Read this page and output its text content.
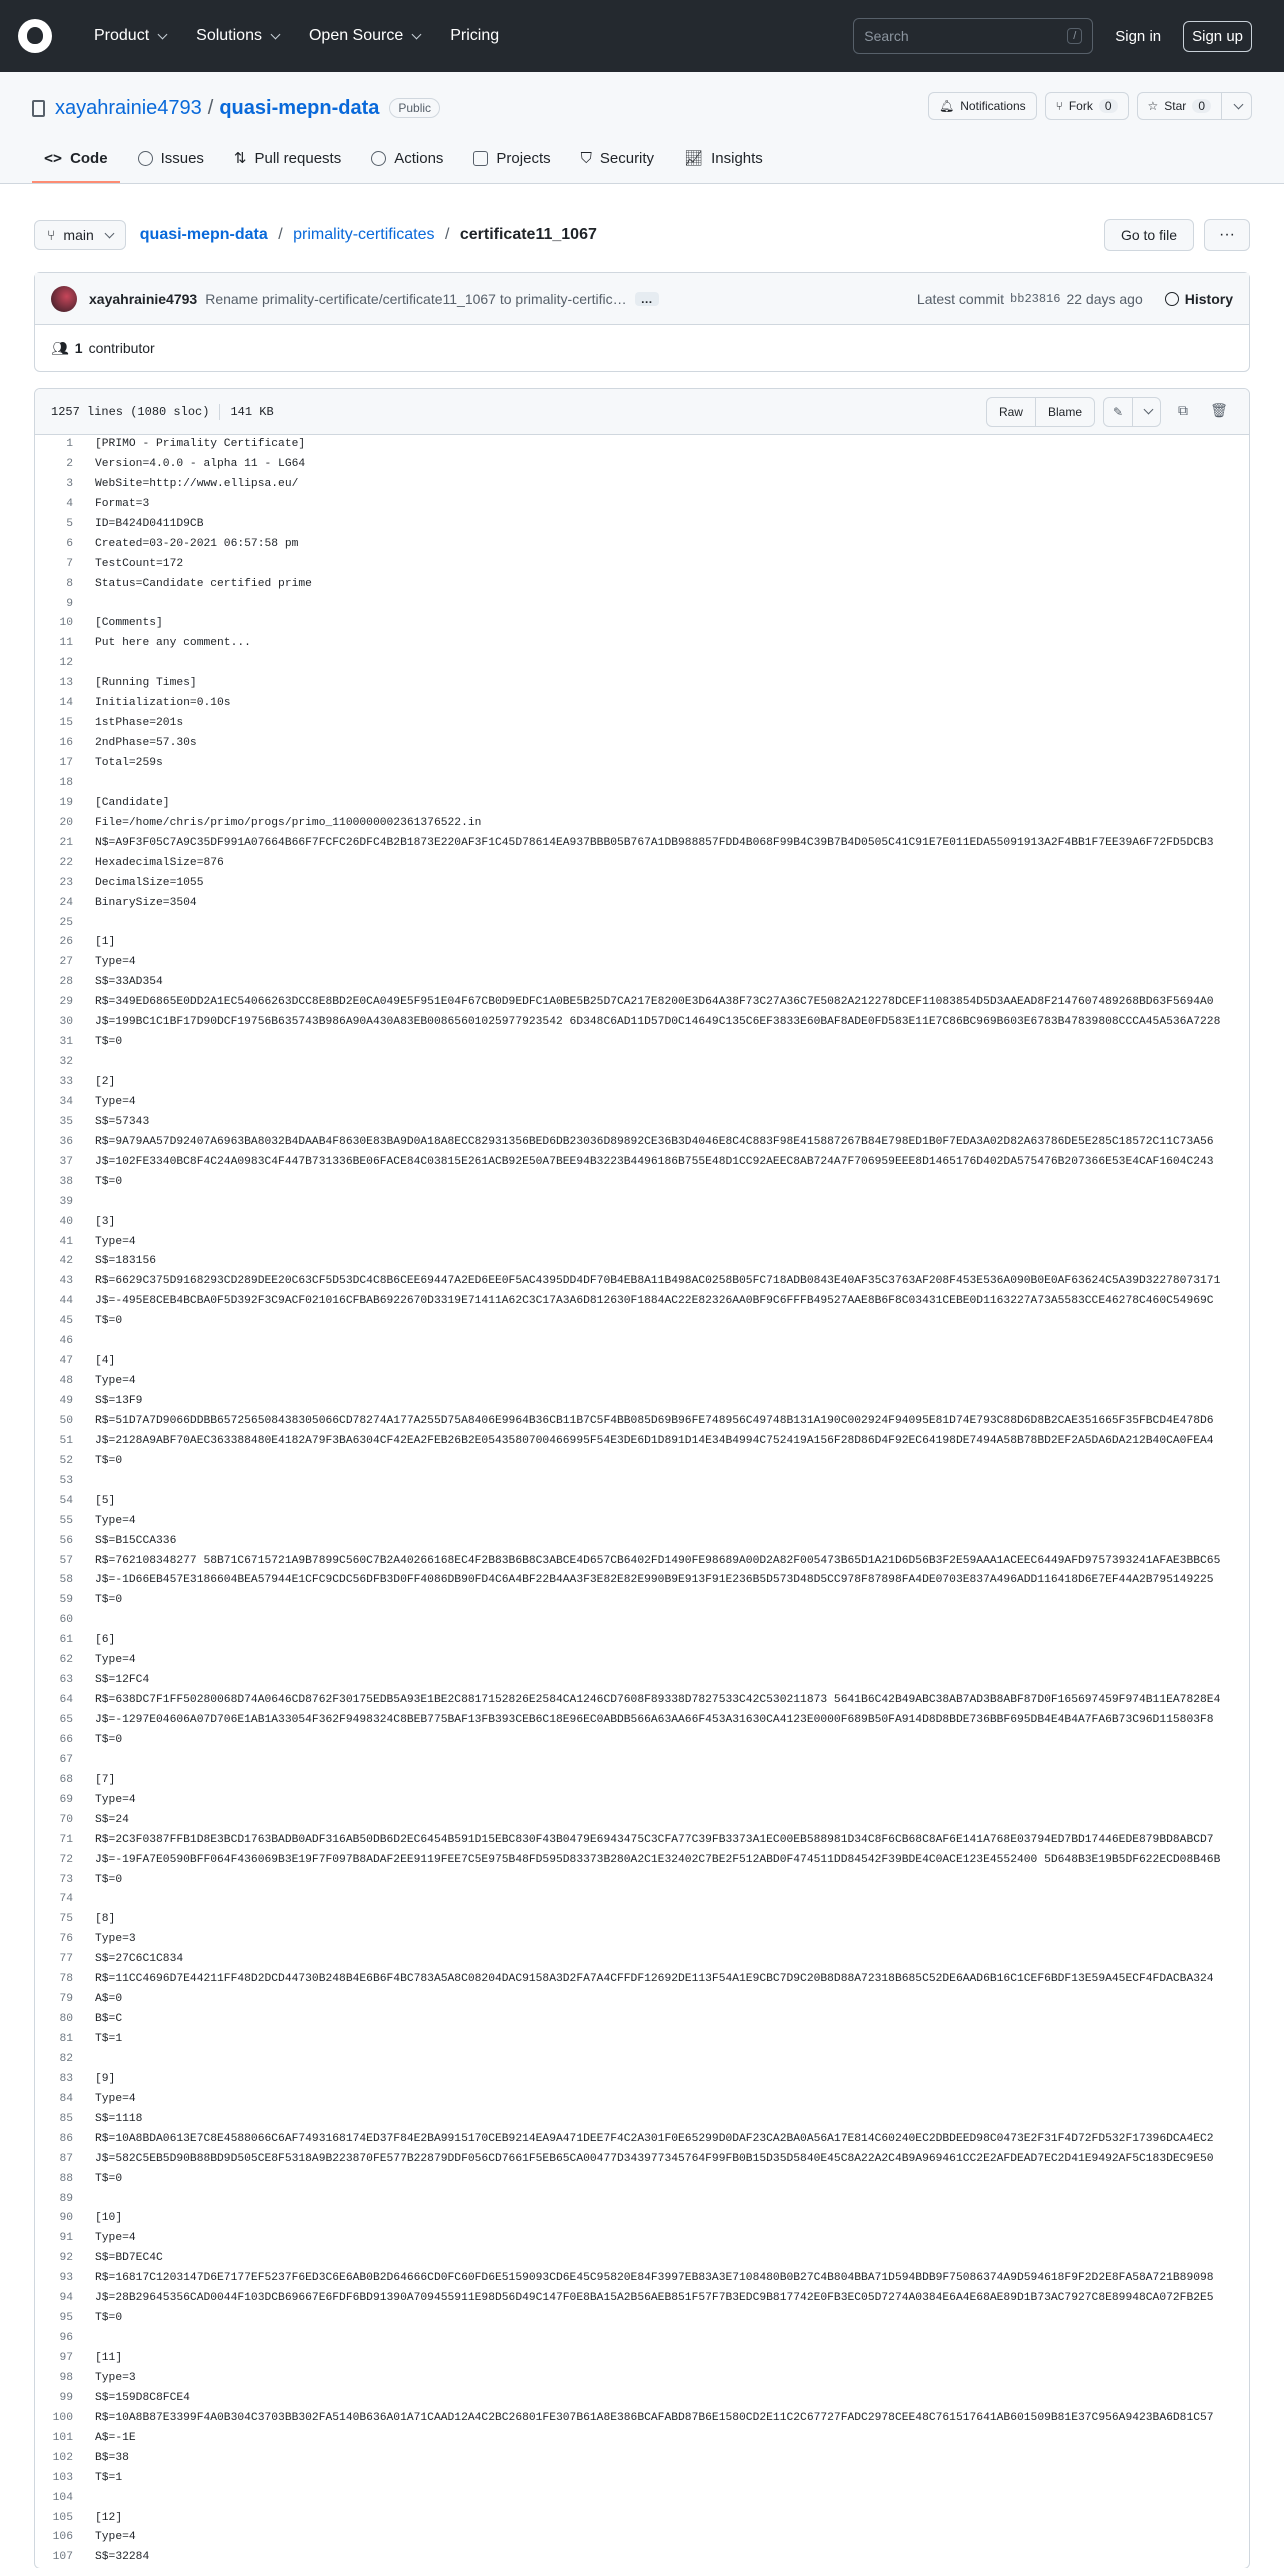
Product	Solutions	Open Source	Pricing	Search	/	Sign in	Sign up
xayahrainie4793 / quasi-mepn-data	Public	🔔︎ Notifications	⑂ Fork	0	☆ Star	0
<> Code	Issues ⇅ Pull requests	Actions	Projects ⛉ Security 📈︎ Insights
⑂ main	quasi-mepn-data / primality-certificates / certificate11_1067	Go to file	···
xayahrainie4793 Rename primality-certificate/certificate11_1067 to primality-certific…	…	Latest commit bb23816 22 days ago	History
👥︎ 1 contributor
1257 lines (1080 sloc) 141 KB	Raw	Blame	✎	⧉	🗑︎
1	[PRIMO - Primality Certificate]
2	Version=4.0.0 - alpha 11 - LG64
3	WebSite=http://www.ellipsa.eu/
4	Format=3
5	ID=B424D0411D9CB
6	Created=03-20-2021 06:57:58 pm
7	TestCount=172
8	Status=Candidate certified prime
9
10	[Comments]
11	Put here any comment...
12
13	[Running Times]
14	Initialization=0.10s
15	1stPhase=201s
16	2ndPhase=57.30s
17	Total=259s
18
19	[Candidate]
20	File=/home/chris/primo/progs/primo_1100000002361376522.in
21	N$=A9F3F05C7A9C35DF991A07664B66F7FCFC26DFC4B2B1873E220AF3F1C45D78614EA937BBB05B767A1DB988857FDD4B068F99B4C39B7B4D0505C41C91E7E011EDA55091913A2F4BB1F7EE39A6F72FD5DCB3
22	HexadecimalSize=876
23	DecimalSize=1055
24	BinarySize=3504
25
26	[1]
27	Type=4
28	S$=33AD354
29	R$=349ED6865E0DD2A1EC54066263DCC8E8BD2E0CA049E5F951E04F67CB0D9EDFC1A0BE5B25D7CA217E8200E3D64A38F73C27A36C7E5082A212278DCEF11083854D5D3AAEAD8F2147607489268BD63F5694A0
30	J$=199BC1C1BF17D90DCF19756B635743B986A90A430A83EB00865601025977923542 6D348C6AD11D57D0C14649C135C6EF3833E60BAF8ADE0FD583E11E7C86BC969B603E6783B47839808CCCA45A536A7228
31	T$=0
32
33	[2]
34	Type=4
35	S$=57343
36	R$=9A79AA57D92407A6963BA8032B4DAAB4F8630E83BA9D0A18A8ECC82931356BED6DB23036D89892CE36B3D4046E8C4C883F98E415887267B84E798ED1B0F7EDA3A02D82A63786DE5E285C18572C11C73A56
37	J$=102FE3340BC8F4C24A0983C4F447B731336BE06FACE84C03815E261ACB92E50A7BEE94B3223B4496186B755E48D1CC92AEEC8AB724A7F706959EEE8D1465176D402DA575476B207366E53E4CAF1604C243
38	T$=0
39
40	[3]
41	Type=4
42	S$=183156
43	R$=6629C375D9168293CD289DEE20C63CF5D53DC4C8B6CEE69447A2ED6EE0F5AC4395DD4DF70B4EB8A11B498AC0258B05FC718ADB0843E40AF35C3763AF208F453E536A090B0E0AF63624C5A39D32278073171
44	J$=-495E8CEB4BCBA0F5D392F3C9ACF021016CFBAB6922670D3319E71411A62C3C17A3A6D812630F1884AC22E82326AA0BF9C6FFFB49527AAE8B6F8C03431CEBE0D1163227A73A5583CCE46278C460C54969C
45	T$=0
46
47	[4]
48	Type=4
49	S$=13F9
50	R$=51D7A7D9066DDBB657256508438305066CD78274A177A255D75A8406E9964B36CB11B7C5F4BB085D69B96FE748956C49748B131A190C002924F94095E81D74E793C88D6D8B2CAE351665F35FBCD4E478D6
51	J$=2128A9ABF70AEC363388480E4182A79F3BA6304CF42EA2FEB26B2E0543580700466995F54E3DE6D1D891D14E34B4994C752419A156F28D86D4F92EC64198DE7494A58B78BD2EF2A5DA6DA212B40CA0FEA4
52	T$=0
53
54	[5]
55	Type=4
56	S$=B15CCA336
57	R$=762108348277 58B71C6715721A9B7899C560C7B2A40266168EC4F2B83B6B8C3ABCE4D657CB6402FD1490FE98689A00D2A82F005473B65D1A21D6D56B3F2E59AAA1ACEEC6449AFD9757393241AFAE3BBC65
58	J$=-1D66EB457E3186604BEA57944E1CFC9CDC56DFB3D0FF4086DB90FD4C6A4BF22B4AA3F3E82E82E990B9E913F91E236B5D573D48D5CC978F87898FA4DE0703E837A496ADD116418D6E7EF44A2B795149225
59	T$=0
60
61	[6]
62	Type=4
63	S$=12FC4
64	R$=638DC7F1FF50280068D74A0646CD8762F30175EDB5A93E1BE2C8817152826E2584CA1246CD7608F89338D7827533C42C530211873 5641B6C42B49ABC38AB7AD3B8ABF87D0F165697459F974B11EA7828E4
65	J$=-1297E04606A07D706E1AB1A33054F362F9498324C8BEB775BAF13FB393CEB6C18E96EC0ABDB566A63AA66F453A31630CA4123E0000F689B50FA914D8D8BDE736BBF695DB4E4B4A7FA6B73C96D115803F8
66	T$=0
67
68	[7]
69	Type=4
70	S$=24
71	R$=2C3F0387FFB1D8E3BCD1763BADB0ADF316AB50DB6D2EC6454B591D15EBC830F43B0479E6943475C3CFA77C39FB3373A1EC00EB588981D34C8F6CB68C8AF6E141A768E03794ED7BD17446EDE879BD8ABCD7
72	J$=-19FA7E0590BFF064F436069B3E19F7F097B8ADAF2EE9119FEE7C5E975B48FD595D83373B280A2C1E32402C7BE2F512ABD0F474511DD84542F39BDE4C0ACE123E4552400 5D648B3E19B5DF622ECD08B46B
73	T$=0
74
75	[8]
76	Type=3
77	S$=27C6C1C834
78	R$=11CC4696D7E44211FF48D2DCD44730B248B4E6B6F4BC783A5A8C08204DAC9158A3D2FA7A4CFFDF12692DE113F54A1E9CBC7D9C20B8D88A72318B685C52DE6AAD6B16C1CEF6BDF13E59A45ECF4FDACBA324
79	A$=0
80	B$=C
81	T$=1
82
83	[9]
84	Type=4
85	S$=1118
86	R$=10A8BDA0613E7C8E4588066C6AF7493168174ED37F84E2BA9915170CEB9214EA9A471DEE7F4C2A301F0E65299D0DAF23CA2BA0A56A17E814C60240EC2DBDEED98C0473E2F31F4D72FD532F17396DCA4EC2
87	J$=582C5EB5D90B88BD9D505CE8F5318A9B223870FE577B22879DDF056CD7661F5EB65CA00477D343977345764F99FB0B15D35D5840E45C8A22A2C4B9A969461CC2E2AFDEAD7EC2D41E9492AF5C183DEC9E50
88	T$=0
89
90	[10]
91	Type=4
92	S$=BD7EC4C
93	R$=16817C1203147D6E7177EF5237F6ED3C6E6AB0B2D64666CD0FC60FD6E5159093CD6E45C95820E84F3997EB83A3E7108480B0B27C4B804BBA71D594BDB9F75086374A9D594618F9F2D2E8FA58A721B89098
94	J$=28B29645356CAD0044F103DCB69667E6FDF6BD91390A709455911E98D56D49C147F0E8BA15A2B56AEB851F57F7B3EDC9B817742E0FB3EC05D7274A0384E6A4E68AE89D1B73AC7927C8E89948CA072FB2E5
95	T$=0
96
97	[11]
98	Type=3
99	S$=159D8C8FCE4
100	R$=10A8B87E3399F4A0B304C3703BB302FA5140B636A01A71CAAD12A4C2BC26801FE307B61A8E386BCAFABD87B6E1580CD2E11C2C67727FADC2978CEE48C761517641AB601509B81E37C956A9423BA6D81C57
101	A$=-1E
102	B$=38
103	T$=1
104
105	[12]
106	Type=4
107	S$=32284
